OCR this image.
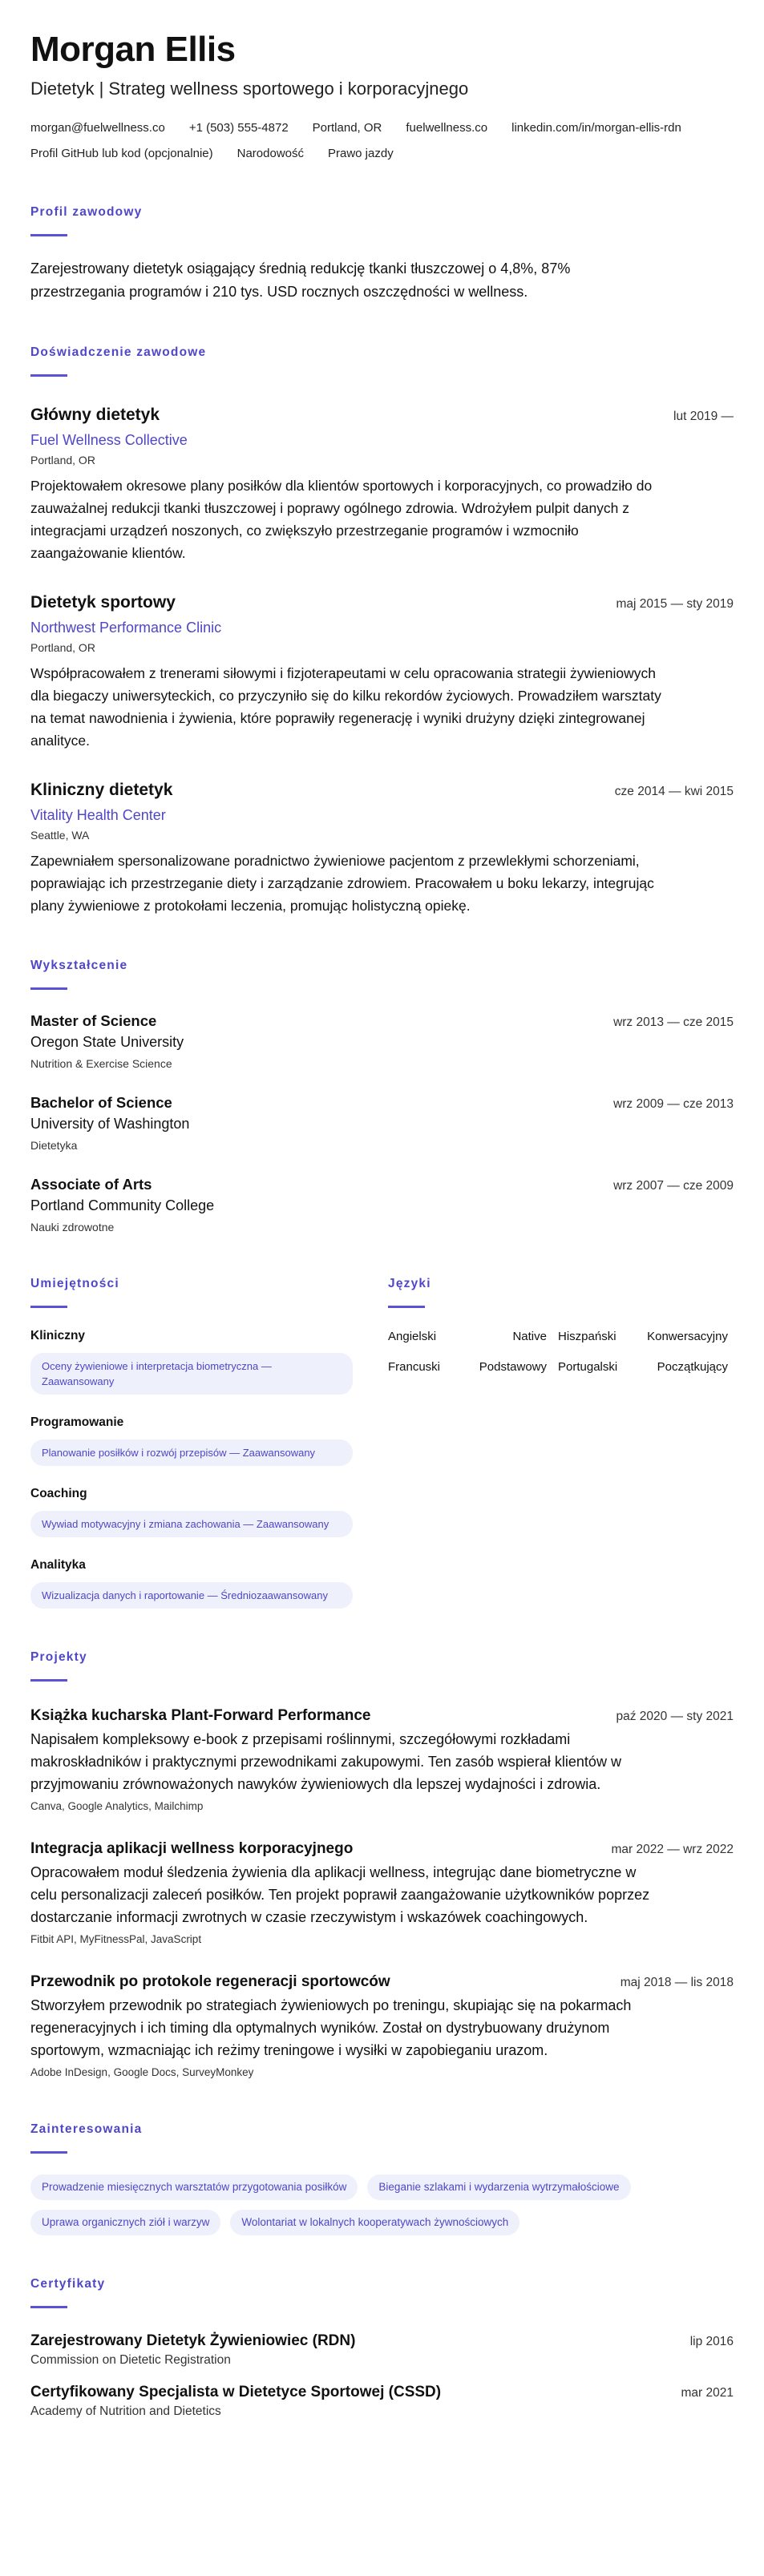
Morgan Ellis
Dietetyk | Strateg wellness sportowego i korporacyjnego
morgan@fuelwellness.co +1 (503) 555-4872 Portland, OR fuelwellness.co linkedin.com/in/morgan-ellis-rdn
Profil GitHub lub kod (opcjonalnie) Narodowość Prawo jazdy
Profil zawodowy
Zarejestrowany dietetyk osiągający średnią redukcję tkanki tłuszczowej o 4,8%, 87% przestrzegania programów i 210 tys. USD rocznych oszczędności w wellness.
Doświadczenie zawodowe
Główny dietetyk	lut 2019 —
Fuel Wellness Collective
Portland, OR
Projektowałem okresowe plany posiłków dla klientów sportowych i korporacyjnych, co prowadziło do zauważalnej redukcji tkanki tłuszczowej i poprawy ogólnego zdrowia. Wdrożyłem pulpit danych z integracjami urządzeń noszonych, co zwiększyło przestrzeganie programów i wzmocniło zaangażowanie klientów.
Dietetyk sportowy	maj 2015 — sty 2019
Northwest Performance Clinic
Portland, OR
Współpracowałem z trenerami siłowymi i fizjoterapeutami w celu opracowania strategii żywieniowych dla biegaczy uniwersyteckich, co przyczyniło się do kilku rekordów życiowych. Prowadziłem warsztaty na temat nawodnienia i żywienia, które poprawiły regenerację i wyniki drużyny dzięki zintegrowanej analityce.
Kliniczny dietetyk	cze 2014 — kwi 2015
Vitality Health Center
Seattle, WA
Zapewniałem spersonalizowane poradnictwo żywieniowe pacjentom z przewlekłymi schorzeniami, poprawiając ich przestrzeganie diety i zarządzanie zdrowiem. Pracowałem u boku lekarzy, integrując plany żywieniowe z protokołami leczenia, promując holistyczną opiekę.
Wykształcenie
Master of Science	wrz 2013 — cze 2015
Oregon State University
Nutrition & Exercise Science
Bachelor of Science	wrz 2009 — cze 2013
University of Washington
Dietetyka
Associate of Arts	wrz 2007 — cze 2009
Portland Community College
Nauki zdrowotne
Umiejętności
Kliniczny
Oceny żywieniowe i interpretacja biometryczna — Zaawansowany
Programowanie
Planowanie posiłków i rozwój przepisów — Zaawansowany
Coaching
Wywiad motywacyjny i zmiana zachowania — Zaawansowany
Analityka
Wizualizacja danych i raportowanie — Średniozaawansowany
Języki
Angielski	Native Hiszpański	Konwersacyjny
Francuski	Podstawowy Portugalski	Początkujący
Projekty
Książka kucharska Plant-Forward Performance	paź 2020 — sty 2021
Napisałem kompleksowy e-book z przepisami roślinnymi, szczegółowymi rozkładami makroskładników i praktycznymi przewodnikami zakupowymi. Ten zasób wspierał klientów w przyjmowaniu zrównoważonych nawyków żywieniowych dla lepszej wydajności i zdrowia.
Canva, Google Analytics, Mailchimp
Integracja aplikacji wellness korporacyjnego	mar 2022 — wrz 2022
Opracowałem moduł śledzenia żywienia dla aplikacji wellness, integrując dane biometryczne w celu personalizacji zaleceń posiłków. Ten projekt poprawił zaangażowanie użytkowników poprzez dostarczanie informacji zwrotnych w czasie rzeczywistym i wskazówek coachingowych.
Fitbit API, MyFitnessPal, JavaScript
Przewodnik po protokole regeneracji sportowców	maj 2018 — lis 2018
Stworzyłem przewodnik po strategiach żywieniowych po treningu, skupiając się na pokarmach regeneracyjnych i ich timing dla optymalnych wyników. Został on dystrybuowany drużynom sportowym, wzmacniając ich reżimy treningowe i wysiłki w zapobieganiu urazom.
Adobe InDesign, Google Docs, SurveyMonkey
Zainteresowania
Prowadzenie miesięcznych warsztatów przygotowania posiłków	Bieganie szlakami i wydarzenia wytrzymałościowe
Uprawa organicznych ziół i warzyw	Wolontariat w lokalnych kooperatywach żywnościowych
Certyfikaty
Zarejestrowany Dietetyk Żywieniowiec (RDN)	lip 2016
Commission on Dietetic Registration
Certyfikowany Specjalista w Dietetyce Sportowej (CSSD)	mar 2021
Academy of Nutrition and Dietetics
